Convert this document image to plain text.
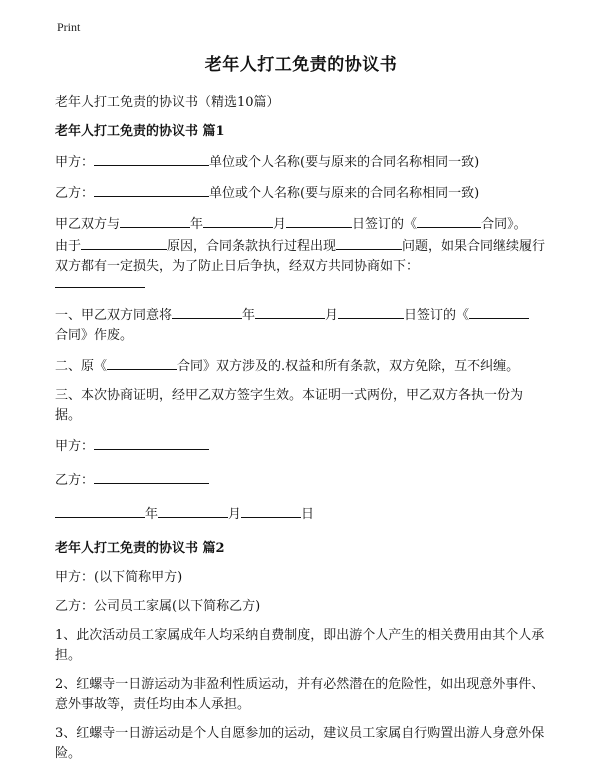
Print
老年人打工免责的协议书
老年人打工免责的协议书（精选10篇）
老年人打工免责的协议书 篇1
甲方：	单位或个人名称(要与原来的合同名称相同一致)
乙方：	单位或个人名称(要与原来的合同名称相同一致)
甲乙双方与	年	月	日签订的《	合同》。
由于	原因，合同条款执行过程出现	问题，如果合同继续履行双方都有一定损失，为了防止日后争执，经双方共同协商如下：
一、甲乙双方同意将	年	月	日签订的《
合同》作废。
二、原《	合同》双方涉及的.权益和所有条款，双方免除，互不纠缠。
三、本次协商证明，经甲乙双方签字生效。本证明一式两份，甲乙双方各执一份为据。
甲方：
乙方：
年	月	日
老年人打工免责的协议书 篇2
甲方：(以下简称甲方)
乙方：公司员工家属(以下简称乙方)
1、此次活动员工家属成年人均采纳自费制度，即出游个人产生的相关费用由其个人承担。
2、红螺寺一日游运动为非盈利性质运动，并有必然潜在的危险性，如出现意外事件、意外事故等，责任均由本人承担。
3、红螺寺一日游运动是个人自愿参加的运动，建议员工家属自行购置出游人身意外保险。
